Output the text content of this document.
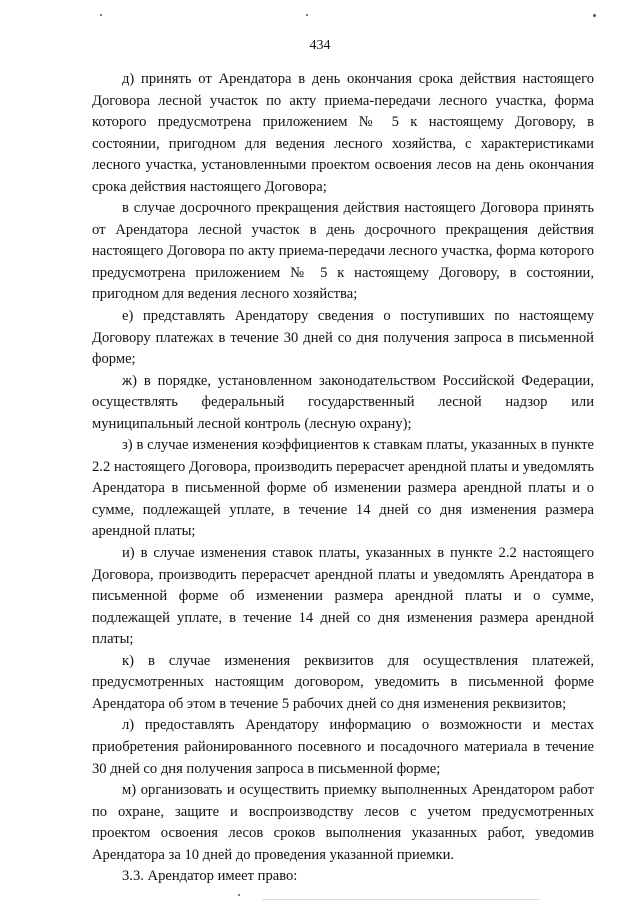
434

д) принять от Арендатора в день окончания срока действия настоящего Договора лесной участок по акту приема-передачи лесного участка, форма которого предусмотрена приложением № 5 к настоящему Договору, в состоянии, пригодном для ведения лесного хозяйства, с характеристиками лесного участка, установленными проектом освоения лесов на день окончания срока действия настоящего Договора;

в случае досрочного прекращения действия настоящего Договора принять от Арендатора лесной участок в день досрочного прекращения действия настоящего Договора по акту приема-передачи лесного участка, форма которого предусмотрена приложением № 5 к настоящему Договору, в состоянии, пригодном для ведения лесного хозяйства;

е) представлять Арендатору сведения о поступивших по настоящему Договору платежах в течение 30 дней со дня получения запроса в письменной форме;

ж) в порядке, установленном законодательством Российской Федерации, осуществлять федеральный государственный лесной надзор или муниципальный лесной контроль (лесную охрану);

з) в случае изменения коэффициентов к ставкам платы, указанных в пункте 2.2 настоящего Договора, производить перерасчет арендной платы и уведомлять Арендатора в письменной форме об изменении размера арендной платы и о сумме, подлежащей уплате, в течение 14 дней со дня изменения размера арендной платы;

и) в случае изменения ставок платы, указанных в пункте 2.2 настоящего Договора, производить перерасчет арендной платы и уведомлять Арендатора в письменной форме об изменении размера арендной платы и о сумме, подлежащей уплате, в течение 14 дней со дня изменения размера арендной платы;

к) в случае изменения реквизитов для осуществления платежей, предусмотренных настоящим договором, уведомить в письменной форме Арендатора об этом в течение 5 рабочих дней со дня изменения реквизитов;

л) предоставлять Арендатору информацию о возможности и местах приобретения районированного посевного и посадочного материала в течение 30 дней со дня получения запроса в письменной форме;

м) организовать и осуществить приемку выполненных Арендатором работ по охране, защите и воспроизводству лесов с учетом предусмотренных проектом освоения лесов сроков выполнения указанных работ, уведомив Арендатора за 10 дней до проведения указанной приемки.

3.3. Арендатор имеет право:
